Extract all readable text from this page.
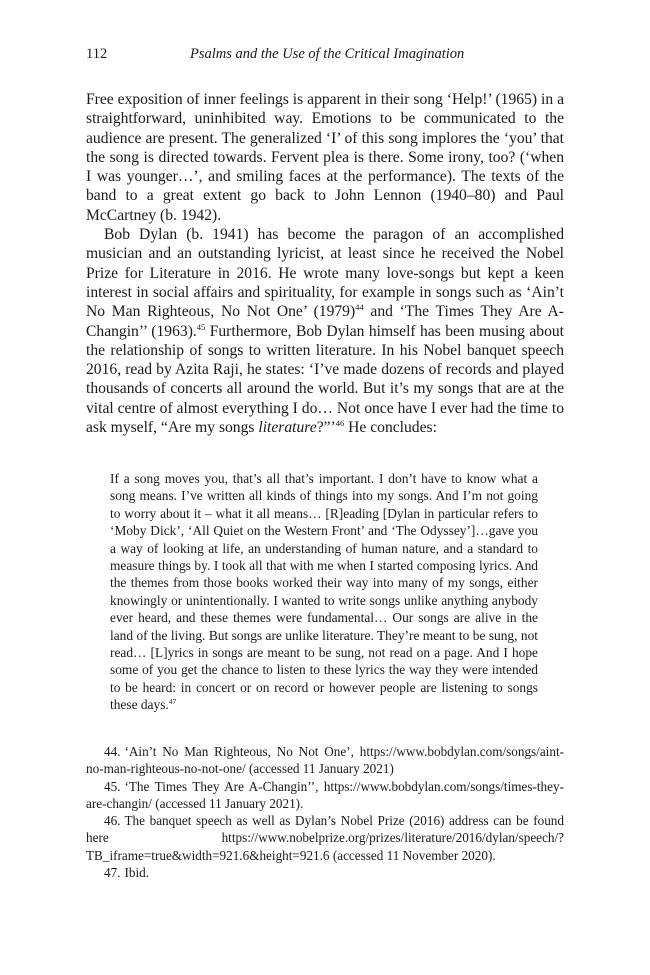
112	Psalms and the Use of the Critical Imagination

Free exposition of inner feelings is apparent in their song ‘Help!’ (1965) in a straightforward, uninhibited way. Emotions to be communicated to the audience are present. The generalized ‘I’ of this song implores the ‘you’ that the song is directed towards. Fervent plea is there. Some irony, too? (‘when I was younger…’, and smiling faces at the performance). The texts of the band to a great extent go back to John Lennon (1940–80) and Paul McCartney (b. 1942).

Bob Dylan (b. 1941) has become the paragon of an accomplished musician and an outstanding lyricist, at least since he received the Nobel Prize for Literature in 2016. He wrote many love-songs but kept a keen interest in social affairs and spirituality, for example in songs such as ‘Ain’t No Man Righteous, No Not One’ $(1979)^{44}$ and ‘The Times They Are A-Changin’’ (1963).$^{45}$ Furthermore, Bob Dylan himself has been musing about the relationship of songs to written literature. In his Nobel banquet speech 2016, read by Azita Raji, he states: ‘I’ve made dozens of records and played thousands of concerts all around the world. But it’s my songs that are at the vital centre of almost everything I do… Not once have I ever had the time to ask myself, “Are my songs literature?”’$^{46}$ He concludes:

If a song moves you, that’s all that’s important. I don’t have to know what a song means. I’ve written all kinds of things into my songs. And I’m not going to worry about it – what it all means… [R]eading [Dylan in particular refers to ‘Moby Dick’, ‘All Quiet on the Western Front’ and ‘The Odyssey’]…gave you a way of looking at life, an understanding of human nature, and a standard to measure things by. I took all that with me when I started composing lyrics. And the themes from those books worked their way into many of my songs, either knowingly or unintentionally. I wanted to write songs unlike anything anybody ever heard, and these themes were fundamental… Our songs are alive in the land of the living. But songs are unlike literature. They’re meant to be sung, not read… [L]yrics in songs are meant to be sung, not read on a page. And I hope some of you get the chance to listen to these lyrics the way they were intended to be heard: in concert or on record or however people are listening to songs these days.$^{47}$

44. ‘Ain’t No Man Righteous, No Not One’, https://www.bobdylan.com/songs/aint-no-man-righteous-no-not-one/ (accessed 11 January 2021)

45. ‘The Times They Are A-Changin’’, https://www.bobdylan.com/songs/times-they-are-changin/ (accessed 11 January 2021).

46. The banquet speech as well as Dylan’s Nobel Prize (2016) address can be found here https://www.nobelprize.org/prizes/literature/2016/dylan/speech/?TB_iframe=true&width=921.6&height=921.6 (accessed 11 November 2020).

47. Ibid.
